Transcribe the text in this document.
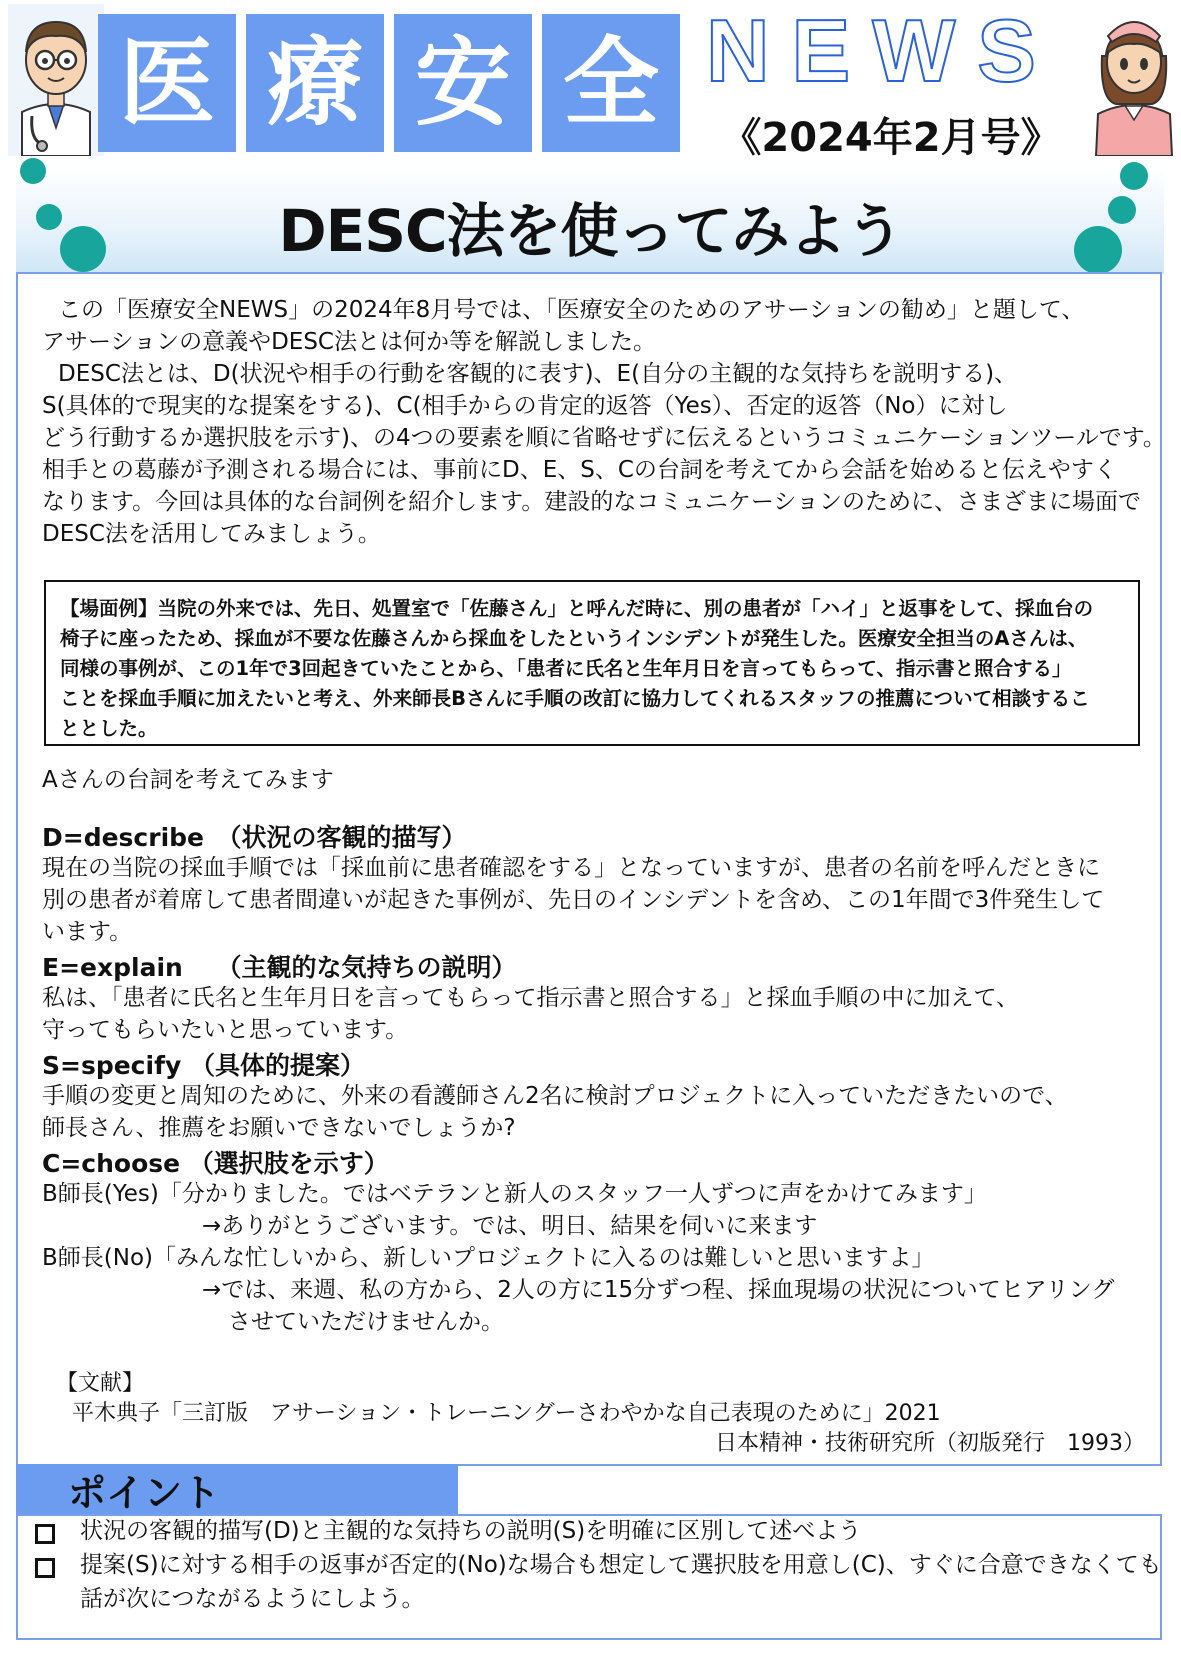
医 療 安 全 NEWS
《2024年2月号》
DESC法を使ってみよう
この「医療安全NEWS」の2024年8月号では、「医療安全のためのアサーションの勧め」と題して、
アサーションの意義やDESC法とは何か等を解説しました。
DESC法とは、D(状況や相手の行動を客観的に表す)、E(自分の主観的な気持ちを説明する)、
S(具体的で現実的な提案をする)、C(相手からの肯定的返答（Yes）、否定的返答（No）に対し
どう行動するか選択肢を示す)、の4つの要素を順に省略せずに伝えるというコミュニケーションツールです。
相手との葛藤が予測される場合には、事前にD、E、S、Cの台詞を考えてから会話を始めると伝えやすく
なります。今回は具体的な台詞例を紹介します。建設的なコミュニケーションのために、さまざまに場面で
DESC法を活用してみましょう。
【場面例】当院の外来では、先日、処置室で「佐藤さん」と呼んだ時に、別の患者が「ハイ」と返事をして、採血台の
椅子に座ったため、採血が不要な佐藤さんから採血をしたというインシデントが発生した。医療安全担当のAさんは、
同様の事例が、この1年で3回起きていたことから、「患者に氏名と生年月日を言ってもらって、指示書と照合する」
ことを採血手順に加えたいと考え、外来師長Bさんに手順の改訂に協力してくれるスタッフの推薦について相談するこ
ととした。
Aさんの台詞を考えてみます
D=describe　（状況の客観的描写）
現在の当院の採血手順では「採血前に患者確認をする」となっていますが、患者の名前を呼んだときに
別の患者が着席して患者間違いが起きた事例が、先日のインシデントを含め、この1年間で3件発生して
います。
E=explain　 （主観的な気持ちの説明）
私は、「患者に氏名と生年月日を言ってもらって指示書と照合する」と採血手順の中に加えて、
守ってもらいたいと思っています。
S=specify （具体的提案）
手順の変更と周知のために、外来の看護師さん2名に検討プロジェクトに入っていただきたいので、
師長さん、推薦をお願いできないでしょうか?
C=choose （選択肢を示す）
B師長(Yes)「分かりました。ではベテランと新人のスタッフ一人ずつに声をかけてみます」
→ありがとうございます。では、明日、結果を伺いに来ます
B師長(No)「みんな忙しいから、新しいプロジェクトに入るのは難しいと思いますよ」
→では、来週、私の方から、2人の方に15分ずつ程、採血現場の状況についてヒアリング
させていただけませんか。
【文献】
平木典子「三訂版　アサーション・トレーニングーさわやかな自己表現のために」2021
日本精神・技術研究所（初版発行　1993）
ポイント
状況の客観的描写(D)と主観的な気持ちの説明(S)を明確に区別して述べよう
提案(S)に対する相手の返事が否定的(No)な場合も想定して選択肢を用意し(C)、すぐに合意できなくても
話が次につながるようにしよう。
